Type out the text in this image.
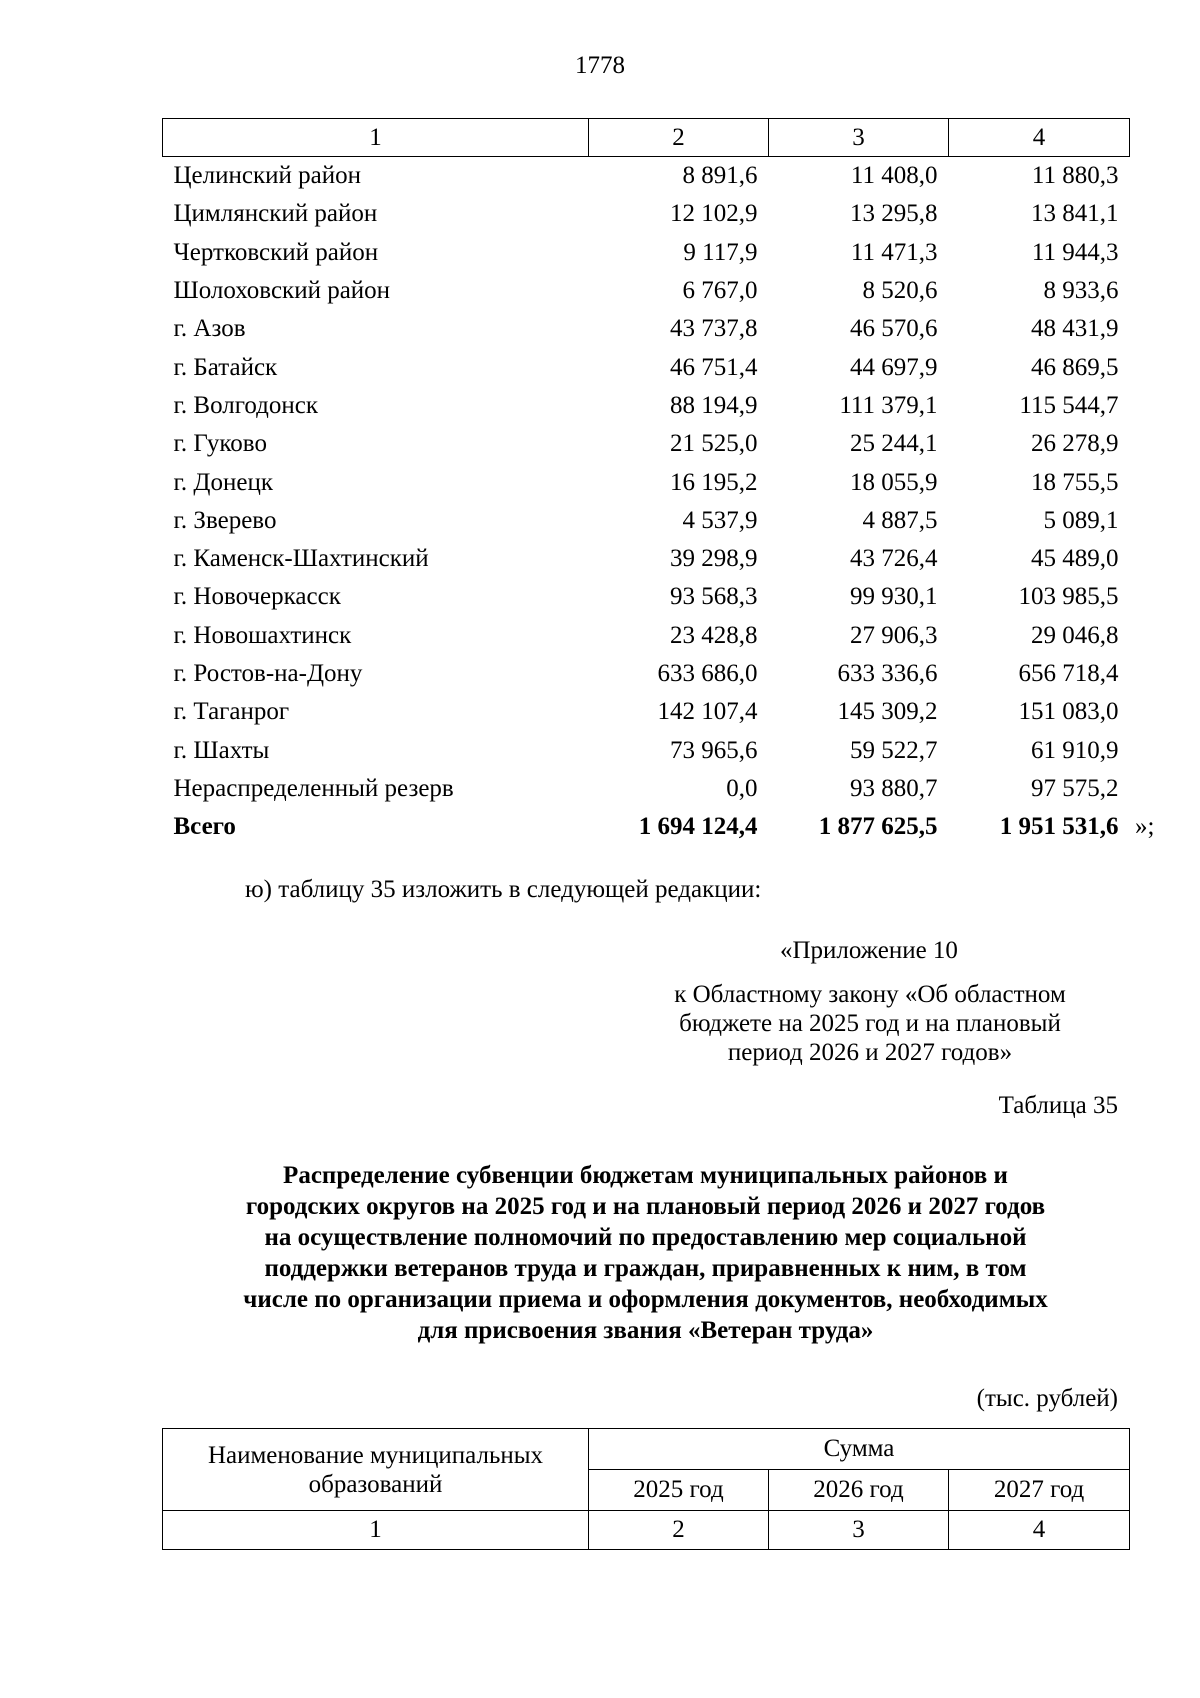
1778
1	2	3	4
Целинский район	8 891,6	11 408,0	11 880,3
Цимлянский район	12 102,9	13 295,8	13 841,1
Чертковский район	9 117,9	11 471,3	11 944,3
Шолоховский район	6 767,0	8 520,6	8 933,6
г. Азов	43 737,8	46 570,6	48 431,9
г. Батайск	46 751,4	44 697,9	46 869,5
г. Волгодонск	88 194,9	111 379,1	115 544,7
г. Гуково	21 525,0	25 244,1	26 278,9
г. Донецк	16 195,2	18 055,9	18 755,5
г. Зверево	4 537,9	4 887,5	5 089,1
г. Каменск-Шахтинский	39 298,9	43 726,4	45 489,0
г. Новочеркасск	93 568,3	99 930,1	103 985,5
г. Новошахтинск	23 428,8	27 906,3	29 046,8
г. Ростов-на-Дону	633 686,0	633 336,6	656 718,4
г. Таганрог	142 107,4	145 309,2	151 083,0
г. Шахты	73 965,6	59 522,7	61 910,9
Нераспределенный резерв	0,0	93 880,7	97 575,2
Всего	1 694 124,4	1 877 625,5	1 951 531,6 »;
ю) таблицу 35 изложить в следующей редакции:
«Приложение 10
к Областному закону «Об областном
бюджете на 2025 год и на плановый
период 2026 и 2027 годов»
Таблица 35
Распределение субвенции бюджетам муниципальных районов и
городских округов на 2025 год и на плановый период 2026 и 2027 годов
на осуществление полномочий по предоставлению мер социальной
поддержки ветеранов труда и граждан, приравненных к ним, в том
числе по организации приема и оформления документов, необходимых
для присвоения звания «Ветеран труда»
(тыс. рублей)
Наименование муниципальных
образований	Сумма		
	2025 год	2026 год	2027 год
1	2	3	4
